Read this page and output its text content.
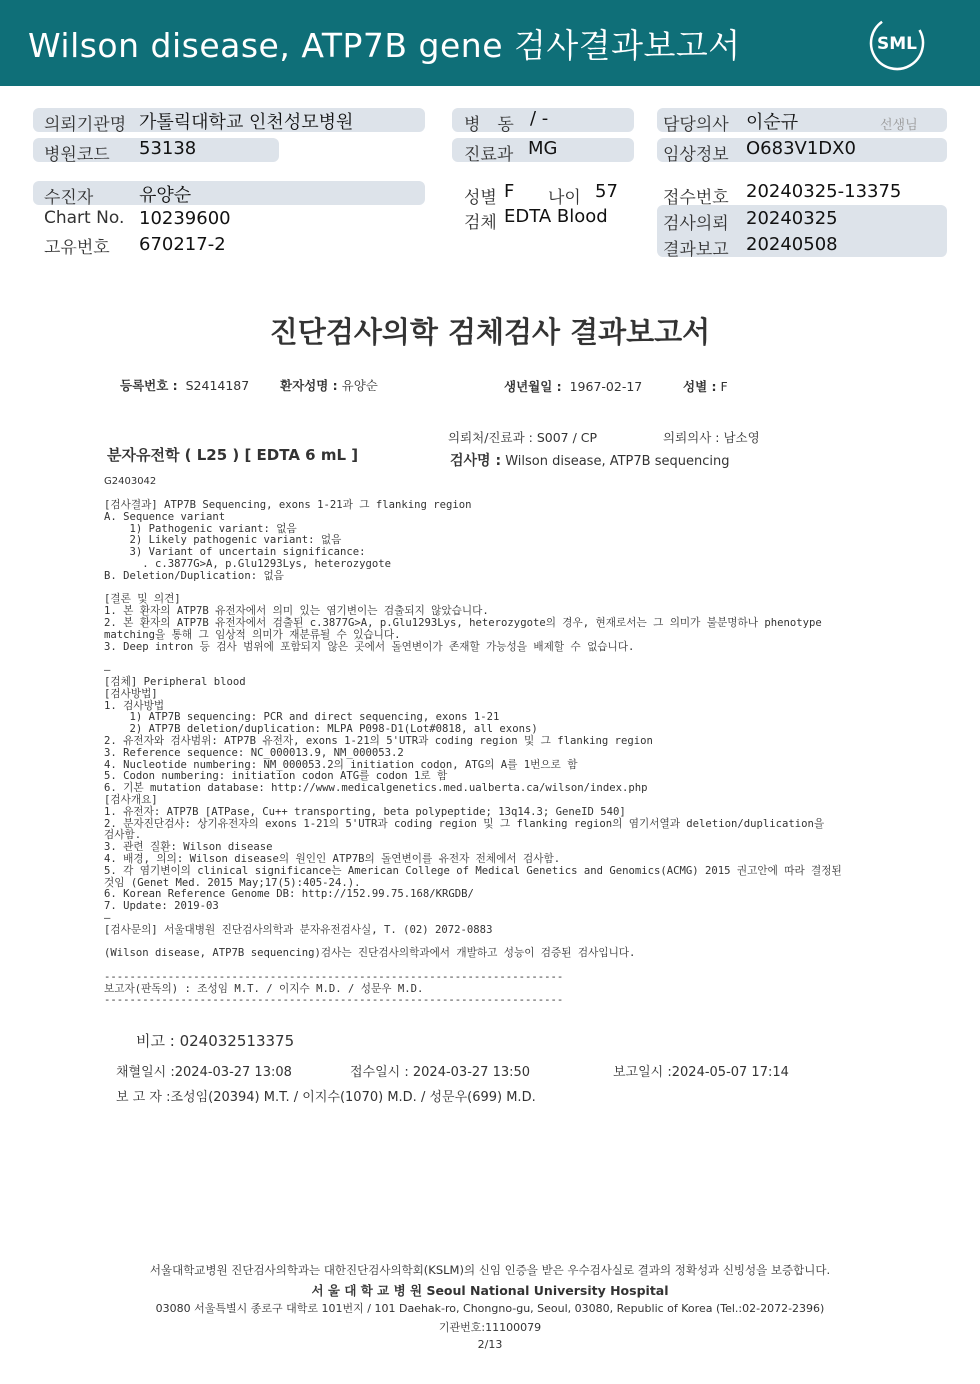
Wilson disease, ATP7B gene 검사결과보고서	SML
의뢰기관명 가톨릭대학교 인천성모병원
병원코드 53138
수진자	유양순
Chart No. 10239600
고유번호 670217-2
병　동 / -
진료과 MG
성별 F 나이 57
검체 EDTA Blood
담당의사 이순규	선생님
임상정보 O683V1DX0
접수번호 20240325-13375
검사의뢰 20240325
결과보고 20240508
진단검사의학 검체검사 결과보고서
등록번호 : S2414187 환자성명 : 유양순	생년월일 : 1967-02-17	성별 : F
의뢰처/진료과 : S007 / CP	의뢰의사 : 남소영
분자유전학 ( L25 ) [ EDTA 6 mL ]	검사명 : Wilson disease, ATP7B sequencing
G2403042
[검사결과] ATP7B Sequencing, exons 1-21과 그 flanking region
A. Sequence variant
1) Pathogenic variant: 없음
2) Likely pathogenic variant: 없음
3) Variant of uncertain significance:
. c.3877G>A, p.Glu1293Lys, heterozygote
B. Deletion/Duplication: 없음
[결론 및 의견]
1. 본 환자의 ATP7B 유전자에서 의미 있는 염기변이는 검출되지 않았습니다.
2. 본 환자의 ATP7B 유전자에서 검출된 c.3877G>A, p.Glu1293Lys, heterozygote의 경우, 현재로서는 그 의미가 불분명하나 phenotype
matching을 통해 그 임상적 의미가 재분류될 수 있습니다.
3. Deep intron 등 검사 범위에 포함되지 않은 곳에서 돌연변이가 존재할 가능성을 배제할 수 없습니다.
—
[검체] Peripheral blood
[검사방법]
1. 검사방법
1) ATP7B sequencing: PCR and direct sequencing, exons 1-21
2) ATP7B deletion/duplication: MLPA P098-D1(Lot#0818, all exons)
2. 유전자와 검사범위: ATP7B 유전자, exons 1-21의 5'UTR과 coding region 및 그 flanking region
3. Reference sequence: NC_000013.9, NM_000053.2
4. Nucleotide numbering: NM_000053.2의 initiation codon, ATG의 A를 1번으로 함
5. Codon numbering: initiation codon ATG를 codon 1로 함
6. 기본 mutation database: http://www.medicalgenetics.med.ualberta.ca/wilson/index.php
[검사개요]
1. 유전자: ATP7B [ATPase, Cu++ transporting, beta polypeptide; 13q14.3; GeneID 540]
2. 분자진단검사: 상기유전자의 exons 1-21의 5'UTR과 coding region 및 그 flanking region의 염기서열과 deletion/duplication을
검사함.
3. 관련 질환: Wilson disease
4. 배경, 의의: Wilson disease의 원인인 ATP7B의 돌연변이를 유전자 전체에서 검사함.
5. 각 염기변이의 clinical significance는 American College of Medical Genetics and Genomics(ACMG) 2015 권고안에 따라 결정된
것임 (Genet Med. 2015 May;17(5):405-24.).
6. Korean Reference Genome DB: http://152.99.75.168/KRGDB/
7. Update: 2019-03
—
[검사문의] 서울대병원 진단검사의학과 분자유전검사실, T. (02) 2072-0883
(Wilson disease, ATP7B sequencing)검사는 진단검사의학과에서 개발하고 성능이 검증된 검사입니다.
------------------------------------------------------------------------
보고자(판독의) : 조성임 M.T. / 이지수 M.D. / 성문우 M.D.
------------------------------------------------------------------------
비고 : 024032513375
채혈일시 :2024-03-27 13:08	접수일시 : 2024-03-27 13:50	보고일시 :2024-05-07 17:14
보 고 자 :조성임(20394) M.T. / 이지수(1070) M.D. / 성문우(699) M.D.
서울대학교병원 진단검사의학과는 대한진단검사의학회(KSLM)의 신임 인증을 받은 우수검사실로 결과의 정확성과 신빙성을 보증합니다.
서 울 대 학 교 병 원 Seoul National University Hospital
03080 서울특별시 종로구 대학로 101번지 / 101 Daehak-ro, Chongno-gu, Seoul, 03080, Republic of Korea (Tel.:02-2072-2396)
기관번호:11100079
2/13
